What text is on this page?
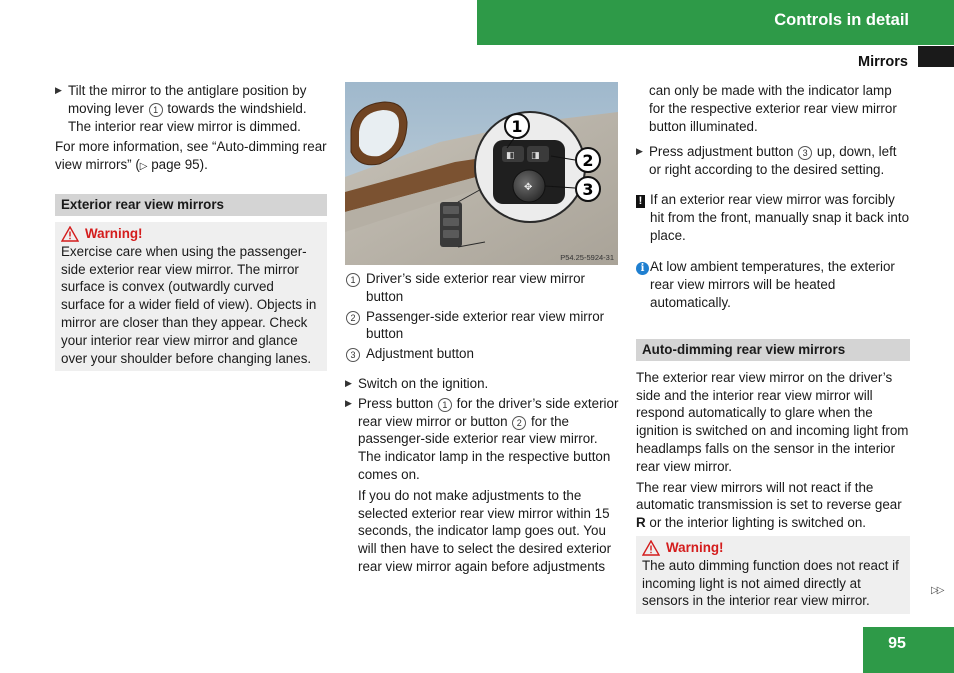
Controls in detail
Mirrors

▶ Tilt the mirror to the antiglare position by moving lever 1 towards the windshield.
The interior rear view mirror is dimmed.

For more information, see “Auto-dimming rear view mirrors” (▷ page 95).

Exterior rear view mirrors
Warning!
Exercise care when using the passenger-side exterior rear view mirror. The mirror surface is convex (outwardly curved surface for a wider field of view). Objects in mirror are closer than they appear. Check your interior rear view mirror and glance over your shoulder before changing lanes.
◧ ◨
✥
1
2
3
P54.25-5924-31

1 Driver’s side exterior rear view mirror button

2 Passenger-side exterior rear view mirror button

3 Adjustment button

▶ Switch on the ignition.

▶ Press button 1 for the driver’s side exterior rear view mirror or button 2 for the passenger-side exterior rear view mirror.

The indicator lamp in the respective button comes on.

If you do not make adjustments to the selected exterior rear view mirror within 15 seconds, the indicator lamp goes out. You will then have to select the desired exterior rear view mirror again before adjustments

can only be made with the indicator lamp for the respective exterior rear view mirror button illuminated.

▶ Press adjustment button 3 up, down, left or right according to the desired setting.

! If an exterior rear view mirror was forcibly hit from the front, manually snap it back into place.
i At low ambient temperatures, the exterior rear view mirrors will be heated automatically.
Auto-dimming rear view mirrors

The exterior rear view mirror on the driver’s side and the interior rear view mirror will respond automatically to glare when the ignition is switched on and incoming light from headlamps falls on the sensor in the interior rear view mirror.

The rear view mirrors will not react if the automatic transmission is set to reverse gear R or the interior lighting is switched on.

Warning!
The auto dimming function does not react if incoming light is not aimed directly at sensors in the interior rear view mirror.
▷▷
95
